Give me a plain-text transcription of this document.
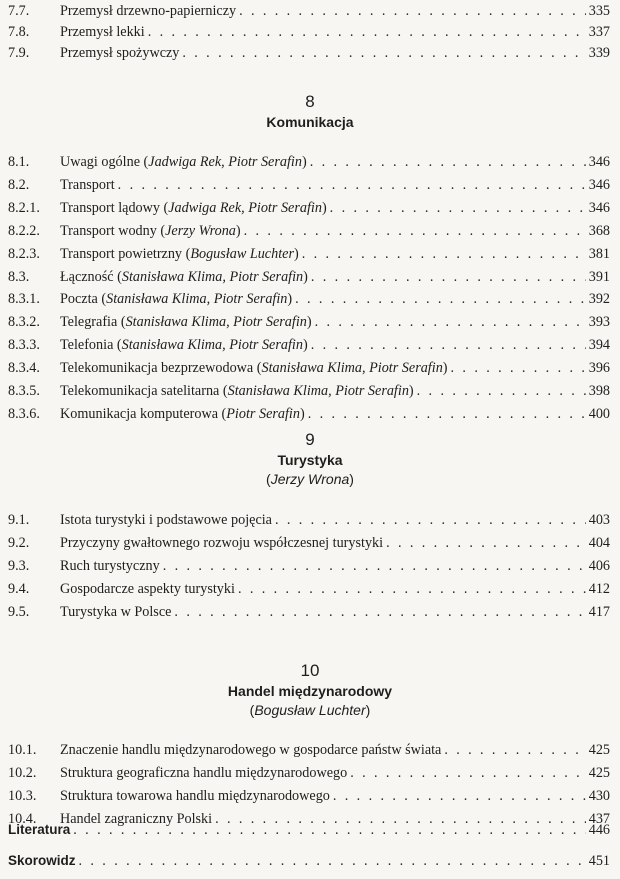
7.7.	Przemysł drzewno-papierniczy . . .	335
7.8.	Przemysł lekki . . .	337
7.9.	Przemysł spożywczy . . .	339
8
Komunikacja
8.1.	Uwagi ogólne (Jadwiga Rek, Piotr Serafin) . . .	346
8.2.	Transport . . .	346
8.2.1.	Transport lądowy (Jadwiga Rek, Piotr Serafin) . . .	346
8.2.2.	Transport wodny (Jerzy Wrona) . . .	368
8.2.3.	Transport powietrzny (Bogusław Luchter) . . .	381
8.3.	Łączność (Stanisława Klima, Piotr Serafin) . . .	391
8.3.1.	Poczta (Stanisława Klima, Piotr Serafin) . . .	392
8.3.2.	Telegrafia (Stanisława Klima, Piotr Serafin) . . .	393
8.3.3.	Telefonia (Stanisława Klima, Piotr Serafin) . . .	394
8.3.4.	Telekomunikacja bezprzewodowa (Stanisława Klima, Piotr Serafin) . . .	396
8.3.5.	Telekomunikacja satelitarna (Stanisława Klima, Piotr Serafin) . . .	398
8.3.6.	Komunikacja komputerowa (Piotr Serafin) . . .	400
9
Turystyka
(Jerzy Wrona)
9.1.	Istota turystyki i podstawowe pojęcia . . .	403
9.2.	Przyczyny gwałtownego rozwoju współczesnej turystyki . . .	404
9.3.	Ruch turystyczny . . .	406
9.4.	Gospodarcze aspekty turystyki . . .	412
9.5.	Turystyka w Polsce . . .	417
10
Handel międzynarodowy
(Bogusław Luchter)
10.1.	Znaczenie handlu międzynarodowego w gospodarce państw świata . . .	425
10.2.	Struktura geograficzna handlu międzynarodowego . . .	425
10.3.	Struktura towarowa handlu międzynarodowego . . .	430
10.4.	Handel zagraniczny Polski . . .	437
Literatura . . .	446
Skorowidz . . .	451
